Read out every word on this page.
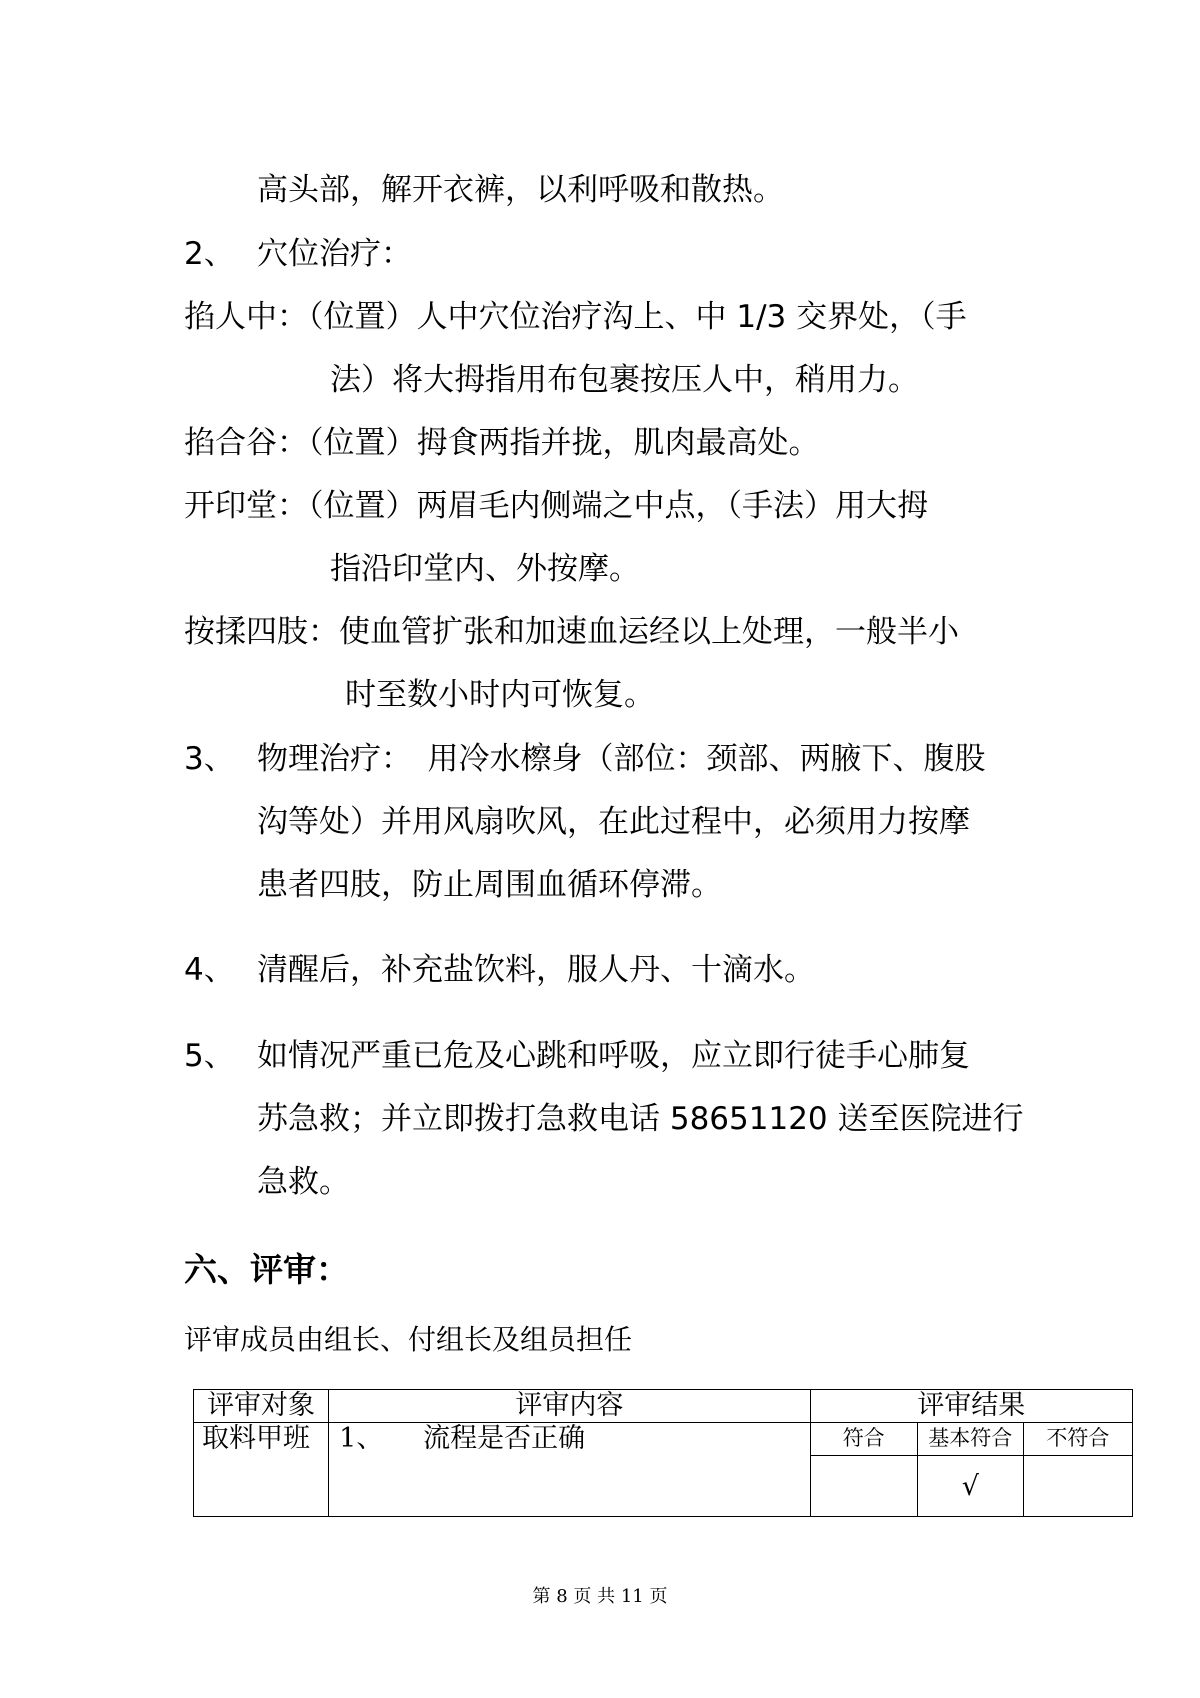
高头部，解开衣裤，以利呼吸和散热。
2、 穴位治疗：
掐人中：（位置）人中穴位治疗沟上、中 1/3 交界处，（手
法）将大拇指用布包裹按压人中，稍用力。
掐合谷：（位置）拇食两指并拢，肌肉最高处。
开印堂：（位置）两眉毛内侧端之中点，（手法）用大拇
指沿印堂内、外按摩。
按揉四肢：使血管扩张和加速血运经以上处理，一般半小
时至数小时内可恢复。
3、 物理治疗：　用冷水檫身（部位：颈部、两腋下、腹股
沟等处）并用风扇吹风，在此过程中，必须用力按摩
患者四肢，防止周围血循环停滞。
4、 清醒后，补充盐饮料，服人丹、十滴水。
5、 如情况严重已危及心跳和呼吸，应立即行徒手心肺复
苏急救；并立即拨打急救电话 58651120 送至医院进行
急救。
六、评审：
评审成员由组长、付组长及组员担任
评审对象	评审内容	评审结果		
取料甲班	1、 流程是否正确	符合	基本符合	不符合
			√	
第 8 页 共 11 页
